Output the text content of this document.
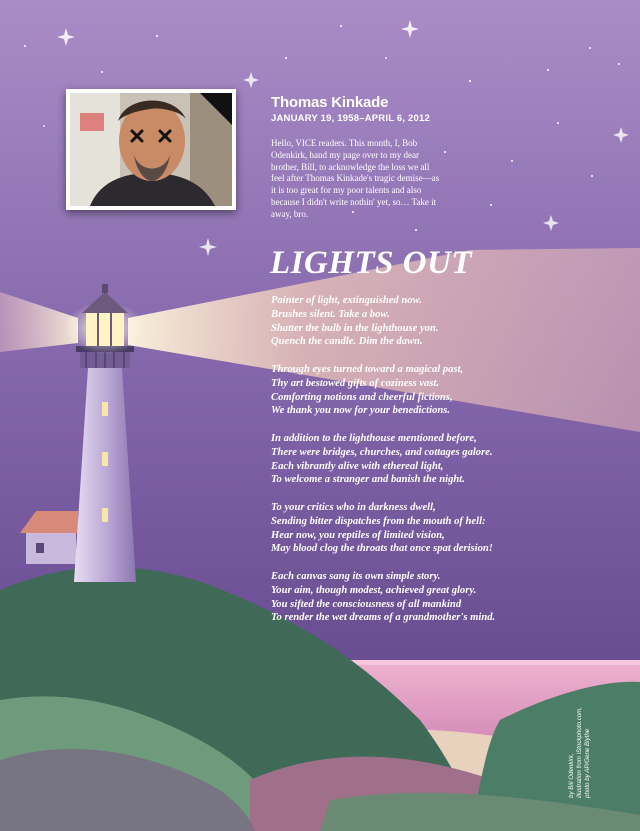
Thomas Kinkade
JANUARY 19, 1958–APRIL 6, 2012
Hello, VICE readers. This month, I, Bob Odenkirk, hand my page over to my dear brother, Bill, to acknowledge the loss we all feel after Thomas Kinkade's tragic demise—as it is too great for my poor talents and also because I didn't write nothin' yet, so… Take it away, bro.
LIGHTS OUT
Painter of light, extinguished now.
Brushes silent. Take a bow.
Shatter the bulb in the lighthouse yon.
Quench the candle. Dim the dawn.
Through eyes turned toward a magical past,
Thy art bestowed gifts of coziness vast.
Comforting notions and cheerful fictions,
We thank you now for your benedictions.
In addition to the lighthouse mentioned before,
There were bridges, churches, and cottages galore.
Each vibrantly alive with ethereal light,
To welcome a stranger and banish the night.
To your critics who in darkness dwell,
Sending bitter dispatches from the mouth of hell:
Hear now, you reptiles of limited vision,
May blood clog the throats that once spat derision!
Each canvas sang its own simple story.
Your aim, though modest, achieved great glory.
You sifted the consciousness of all mankind
To render the wet dreams of a grandmother's mind.
by Bill Odenkirk, illustration from iStockphoto.com, photo by AP/Gene Blythe
